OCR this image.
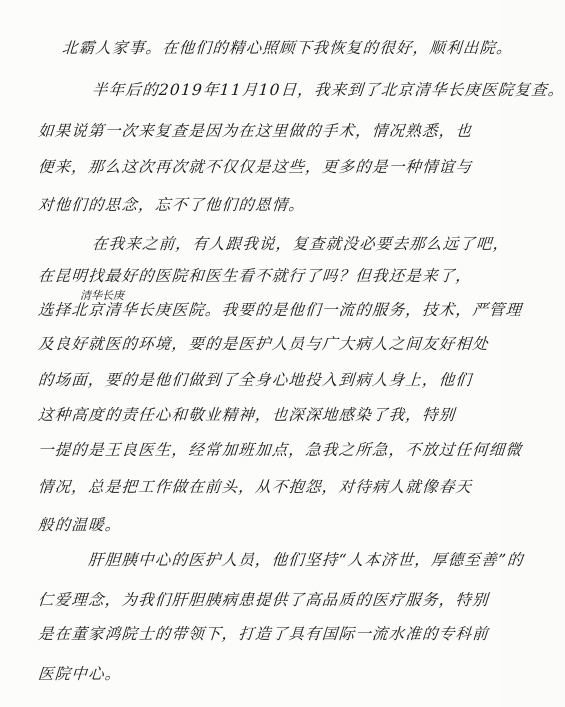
北霸人家事。在他们的精心照顾下我恢复的很好，顺利出院。
半年后的2019年11月10日，我来到了北京清华长庚医院复查。
如果说第一次来复查是因为在这里做的手术，情况熟悉，也
便来，那么这次再次就不仅仅是这些，更多的是一种情谊与
对他们的思念，忘不了他们的恩情。
在我来之前，有人跟我说，复查就没必要去那么远了吧，
在昆明找最好的医院和医生看不就行了吗？但我还是来了，
清华长庚
选择北京清华长庚医院。我要的是他们一流的服务，技术，严管理
及良好就医的环境，要的是医护人员与广大病人之间友好相处
的场面，要的是他们做到了全身心地投入到病人身上，他们
这种高度的责任心和敬业精神，也深深地感染了我，特别
一提的是王良医生，经常加班加点，急我之所急，不放过任何细微
情况，总是把工作做在前头，从不抱怨，对待病人就像春天
般的温暖。
肝胆胰中心的医护人员，他们坚持“人本济世，厚德至善”的
仁爱理念，为我们肝胆胰病患提供了高品质的医疗服务，特别
是在董家鸿院士的带领下，打造了具有国际一流水准的专科前
医院中心。
